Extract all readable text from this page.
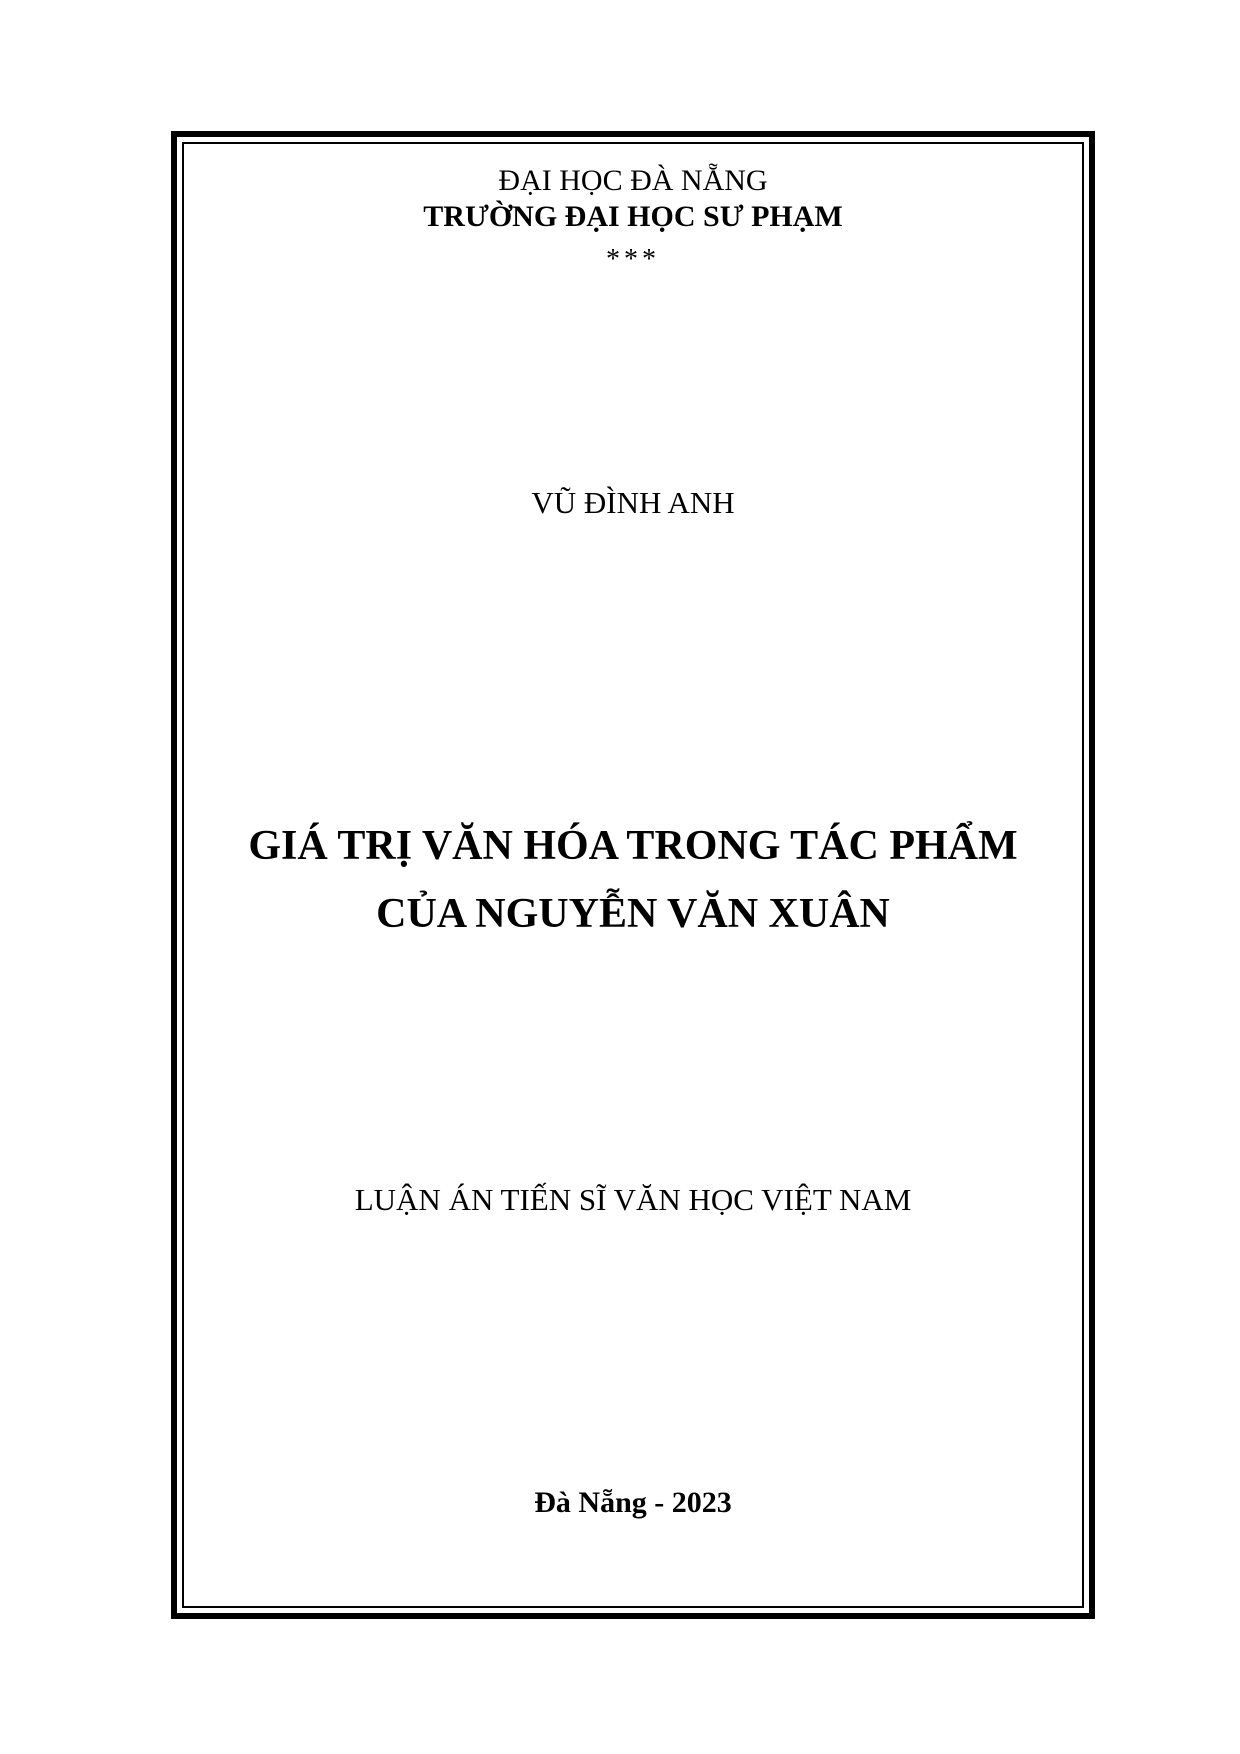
ĐẠI HỌC ĐÀ NẴNG
TRƯỜNG ĐẠI HỌC SƯ PHẠM
***
VŨ ĐÌNH ANH
GIÁ TRỊ VĂN HÓA TRONG TÁC PHẨM
CỦA NGUYỄN VĂN XUÂN
LUẬN ÁN TIẾN SĨ VĂN HỌC VIỆT NAM
Đà Nẵng - 2023
